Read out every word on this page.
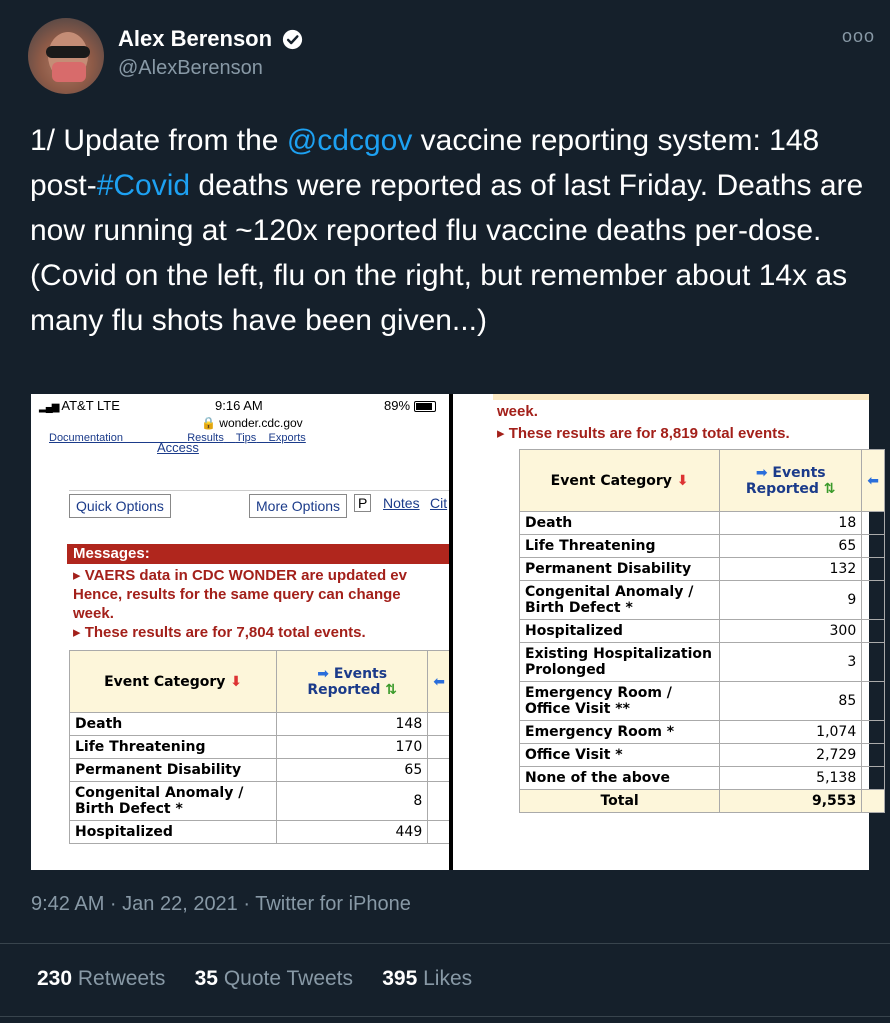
Alex Berenson
@AlexBerenson
ooo
1/ Update from the @cdcgov vaccine reporting system: 148 post-#Covid deaths were reported as of last Friday. Deaths are now running at ~120x reported flu vaccine deaths per-dose. (Covid on the left, flu on the right, but remember about 14x as many flu shots have been given...)
▂▄▆ AT&T LTE	9:16 AM	89%
🔒 wonder.cdc.gov
Documentation	Results Tips Exports
Access
Quick Options	More Options	P Notes Cit
Messages:
▸ VAERS data in CDC WONDER are updated ev
Hence, results for the same query can change
week.
▸ These results are for 7,804 total events.
Event Category ⬇	➡ Events Reported ⇅	⬅
Death	148	
Life Threatening	170	
Permanent Disability	65	
Congenital Anomaly / Birth Defect *	8	
Hospitalized	449	
week.
▸ These results are for 8,819 total events.
Event Category ⬇	➡ Events Reported ⇅	⬅
Death	18	
Life Threatening	65	
Permanent Disability	132	
Congenital Anomaly / Birth Defect *	9	
Hospitalized	300	
Existing Hospitalization Prolonged	3	
Emergency Room / Office Visit **	85	
Emergency Room *	1,074	
Office Visit *	2,729	
None of the above	5,138	
Total	9,553	
9:42 AM · Jan 22, 2021 · Twitter for iPhone
230 Retweets 35 Quote Tweets 395 Likes
